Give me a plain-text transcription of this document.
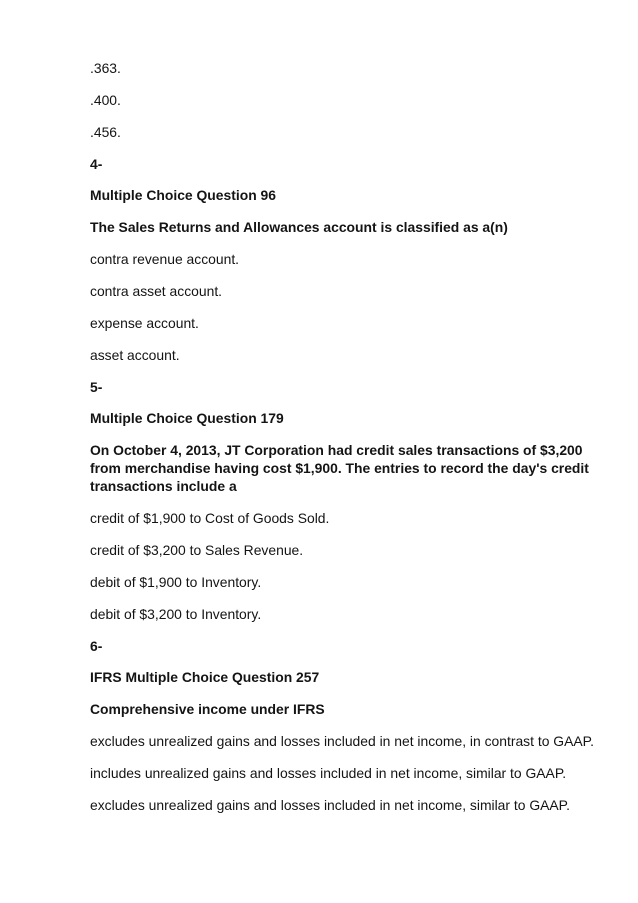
.363.
.400.
.456.
4-
Multiple Choice Question 96
The Sales Returns and Allowances account is classified as a(n)
contra revenue account.
contra asset account.
expense account.
asset account.
5-
Multiple Choice Question 179
On October 4, 2013, JT Corporation had credit sales transactions of $3,200 from merchandise having cost $1,900. The entries to record the day's credit transactions include a
credit of $1,900 to Cost of Goods Sold.
credit of $3,200 to Sales Revenue.
debit of $1,900 to Inventory.
debit of $3,200 to Inventory.
6-
IFRS Multiple Choice Question 257
Comprehensive income under IFRS
excludes unrealized gains and losses included in net income, in contrast to GAAP.
includes unrealized gains and losses included in net income, similar to GAAP.
excludes unrealized gains and losses included in net income, similar to GAAP.
